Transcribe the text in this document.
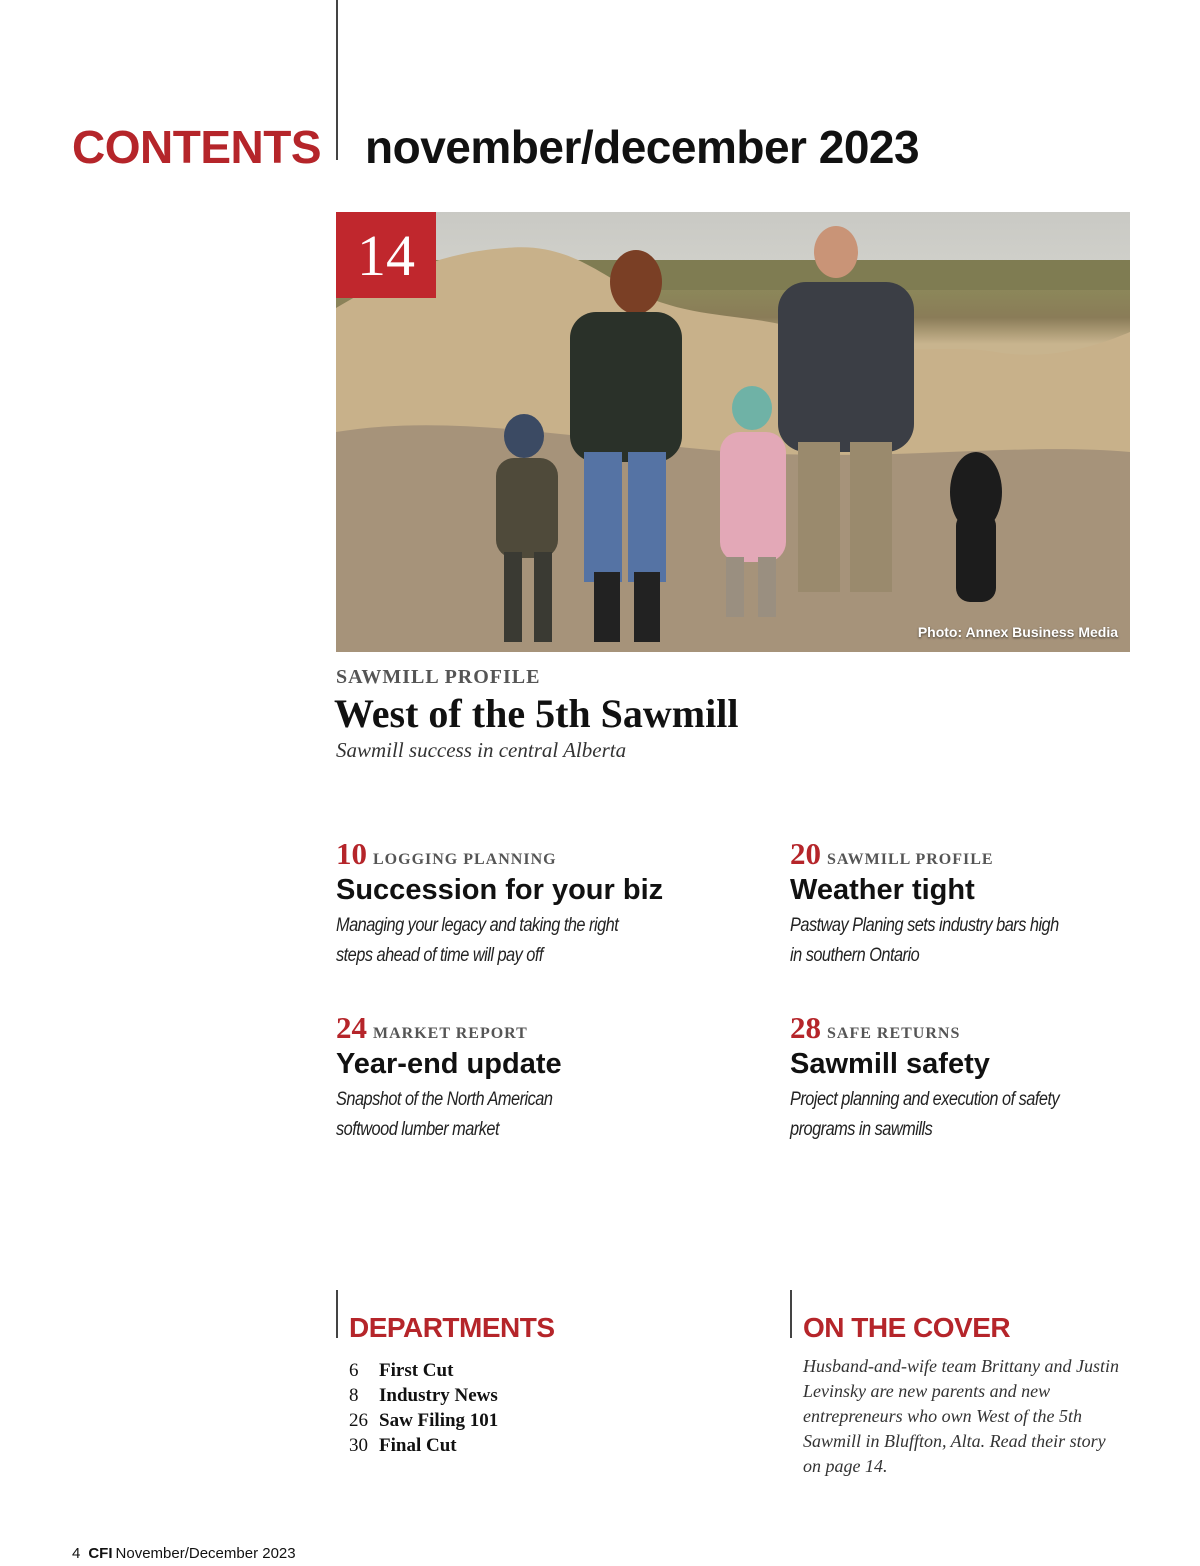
CONTENTS november/december 2023
14
Photo: Annex Business Media
SAWMILL PROFILE
West of the 5th Sawmill

Sawmill success in central Alberta

10 LOGGING PLANNING
Succession for your biz

Managing your legacy and taking the right
steps ahead of time will pay off

20 SAWMILL PROFILE
Weather tight

Pastway Planing sets industry bars high
in southern Ontario

24 MARKET REPORT
Year-end update

Snapshot of the North American
softwood lumber market

28 SAFE RETURNS
Sawmill safety

Project planning and execution of safety
programs in sawmills

DEPARTMENTS
6 First Cut
8 Industry News
26 Saw Filing 101
30 Final Cut
ON THE COVER

Husband-and-wife team Brittany and Justin Levinsky are new parents and new entrepreneurs who own West of the 5th Sawmill in Bluffton, Alta. Read their story on page 14.

4 CFI November/December 2023
